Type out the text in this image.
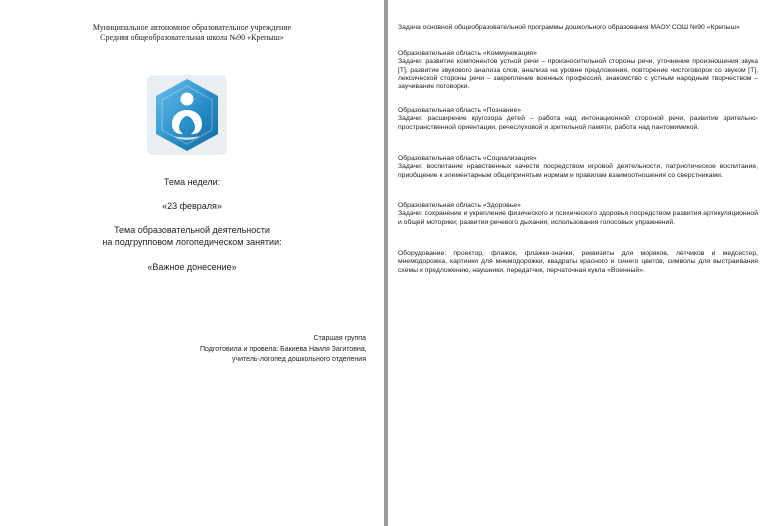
Муниципальное автономное образовательное учреждение
Средняя общеобразовательная школа №90 «Крепыш»
Тема недели:
«23 февраля»
Тема образовательной деятельности
на подгрупповом логопедическом занятии:
«Важное донесение»
Старшая группа
Подготовила и провела: Бакиева Наиля Загитовна,
учитель-логопед дошкольного отделения
Задача основной общеобразовательной программы дошкольного образования МАОУ СОШ №90 «Крепыш»

Образовательная область «Коммуникация»

Задачи: развитие компонентов устной речи – произносительной стороны речи, уточнение произношения звука [Т], развитие звукового анализа слов, анализа на уровне предложения, повторение чистоговорок со звуком [Т], лексической стороны речи – закрепление военных профессий, знакомство с устным народным творчеством – заучивание поговорки.

Образовательная область «Познание»

Задачи: расширение кругозора детей – работа над интонационной стороной речи, развитие зрительно-пространственной ориентации, речеслуховой и зрительной памяти, работа над пантомимикой.

Образовательная область «Социализация»

Задачи: воспитание нравственных качеств посредством игровой деятельности, патриотическое воспитание, приобщение к элементарным общепринятым нормам и правилам взаимоотношения со сверстниками.

Образовательная область «Здоровье»

Задачи: сохранение и укрепление физического и психического здоровья посредством развития артикуляционной и общей моторики; развития речевого дыхания; использования голосовых упражнений.

Оборудование: проектор, флажок, флажки-значки, реквизиты для моряков, летчиков и медсестер, мнемодорожка, картинки для мнемодорожки, квадраты красного и синего цветов, символы для выстраивания схемы к предложению, наушники, передатчик, перчаточная кукла «Военный».
